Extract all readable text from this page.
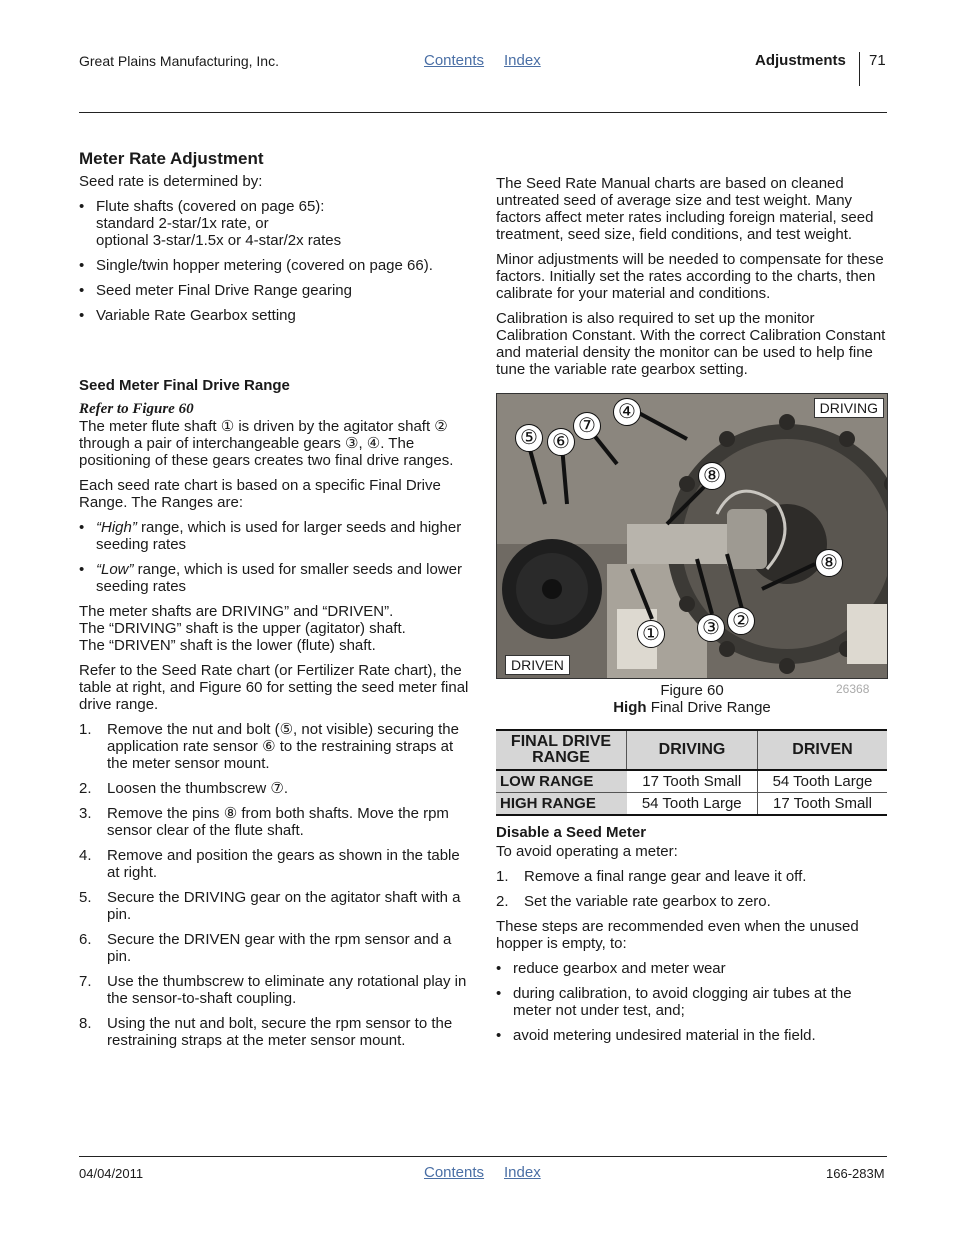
Great Plains Manufacturing, Inc.	Contents Index	Adjustments 71

Meter Rate Adjustment

Seed rate is determined by:

• Flute shafts (covered on page 65):
standard 2-star/1x rate, or
optional 3-star/1.5x or 4-star/2x rates
• Single/twin hopper metering (covered on page 66).
• Seed meter Final Drive Range gearing
• Variable Rate Gearbox setting

Seed Meter Final Drive Range

Refer to Figure 60

The meter flute shaft ① is driven by the agitator shaft ② through a pair of interchangeable gears ③, ④. The positioning of these gears creates two final drive ranges.

Each seed rate chart is based on a specific Final Drive Range. The Ranges are:

• “High” range, which is used for larger seeds and higher seeding rates
• “Low” range, which is used for smaller seeds and lower seeding rates

The meter shafts are DRIVING” and “DRIVEN”.
The “DRIVING” shaft is the upper (agitator) shaft.
The “DRIVEN” shaft is the lower (flute) shaft.

Refer to the Seed Rate chart (or Fertilizer Rate chart), the table at right, and Figure 60 for setting the seed meter final drive range.

1. Remove the nut and bolt (⑤, not visible) securing the application rate sensor ⑥ to the restraining straps at the meter sensor mount.
2. Loosen the thumbscrew ⑦.
3. Remove the pins ⑧ from both shafts. Move the rpm sensor clear of the flute shaft.
4. Remove and position the gears as shown in the table at right.
5. Secure the DRIVING gear on the agitator shaft with a pin.
6. Secure the DRIVEN gear with the rpm sensor and a pin.
7. Use the thumbscrew to eliminate any rotational play in the sensor-to-shaft coupling.
8. Using the nut and bolt, secure the rpm sensor to the restraining straps at the meter sensor mount.

The Seed Rate Manual charts are based on cleaned untreated seed of average size and test weight. Many factors affect meter rates including foreign material, seed treatment, seed size, field conditions, and test weight.

Minor adjustments will be needed to compensate for these factors. Initially set the rates according to the charts, then calibrate for your material and conditions.

Calibration is also required to set up the monitor Calibration Constant. With the correct Calibration Constant and material density the monitor can be used to help fine tune the variable rate gearbox setting.

DRIVING
DRIVEN
⑤ ⑥
⑦
④
⑧
⑧
① ③ ②
Figure 60	26368
High Final Drive Range
FINAL DRIVE RANGE	DRIVING	DRIVEN
LOW RANGE	17 Tooth Small	54 Tooth Large
HIGH RANGE	54 Tooth Large	17 Tooth Small

Disable a Seed Meter

To avoid operating a meter:

1. Remove a final range gear and leave it off.
2. Set the variable rate gearbox to zero.

These steps are recommended even when the unused hopper is empty, to:

• reduce gearbox and meter wear
• during calibration, to avoid clogging air tubes at the meter not under test, and;
• avoid metering undesired material in the field.
04/04/2011	Contents Index	166-283M
